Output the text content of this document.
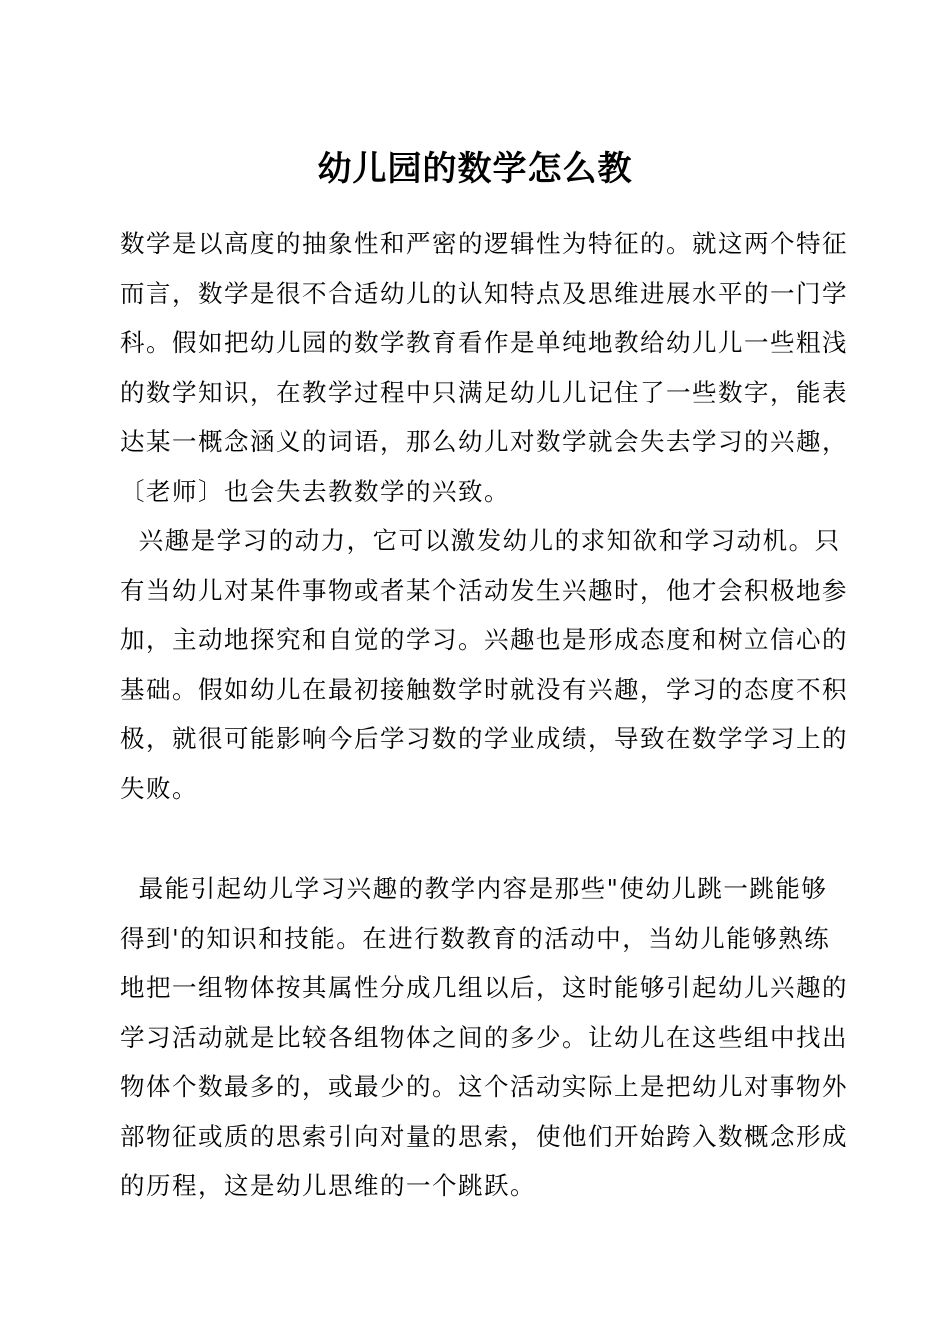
幼儿园的数学怎么教
数学是以高度的抽象性和严密的逻辑性为特征的。就这两个特征
而言，数学是很不合适幼儿的认知特点及思维进展水平的一门学
科。假如把幼儿园的数学教育看作是单纯地教给幼儿儿一些粗浅
的数学知识，在教学过程中只满足幼儿儿记住了一些数字，能表
达某一概念涵义的词语，那么幼儿对数学就会失去学习的兴趣，
〔老师〕也会失去教数学的兴致。
兴趣是学习的动力，它可以激发幼儿的求知欲和学习动机。只
有当幼儿对某件事物或者某个活动发生兴趣时，他才会积极地参
加，主动地探究和自觉的学习。兴趣也是形成态度和树立信心的
基础。假如幼儿在最初接触数学时就没有兴趣，学习的态度不积
极，就很可能影响今后学习数的学业成绩，导致在数学学习上的
失败。
最能引起幼儿学习兴趣的教学内容是那些"使幼儿跳一跳能够
得到'的知识和技能。在进行数教育的活动中，当幼儿能够熟练
地把一组物体按其属性分成几组以后，这时能够引起幼儿兴趣的
学习活动就是比较各组物体之间的多少。让幼儿在这些组中找出
物体个数最多的，或最少的。这个活动实际上是把幼儿对事物外
部物征或质的思索引向对量的思索，使他们开始跨入数概念形成
的历程，这是幼儿思维的一个跳跃。
